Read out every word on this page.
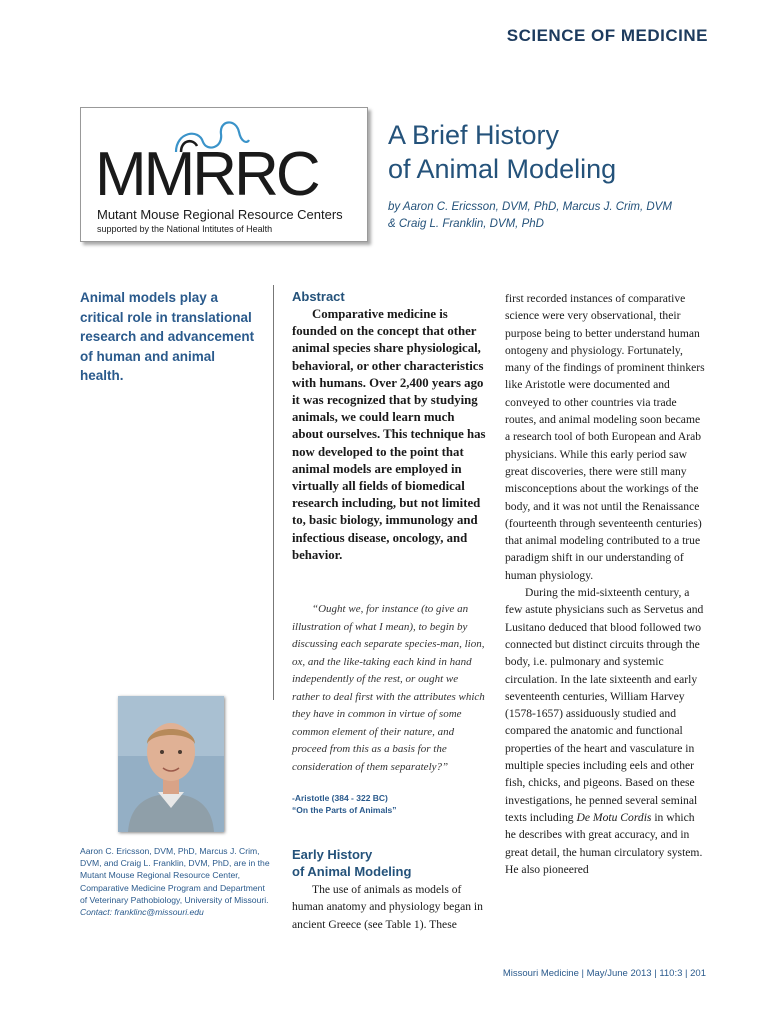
SCIENCE OF MEDICINE
MMRRC
Mutant Mouse Regional Resource Centers
supported by the National Intitutes of Health
A Brief History
of Animal Modeling
by Aaron C. Ericsson, DVM, PhD, Marcus J. Crim, DVM
& Craig L. Franklin, DVM, PhD
Animal models play a critical role in translational research and advancement of human and animal health.
Abstract

Comparative medicine is founded on the concept that other animal species share physiological, behavioral, or other characteristics with humans. Over 2,400 years ago it was recognized that by studying animals, we could learn much about ourselves. This technique has now developed to the point that animal models are employed in virtually all fields of biomedical research including, but not limited to, basic biology, immunology and infectious disease, oncology, and behavior.

“Ought we, for instance (to give an illustration of what I mean), to begin by discussing each separate species-man, lion, ox, and the like-taking each kind in hand independently of the rest, or ought we rather to deal first with the attributes which they have in common in virtue of some common element of their nature, and proceed from this as a basis for the consideration of them separately?”

-Aristotle (384 - 322 BC)
“On the Parts of Animals”

Aaron C. Ericsson, DVM, PhD, Marcus J. Crim, DVM, and Craig L. Franklin, DVM, PhD, are in the Mutant Mouse Regional Resource Center, Comparative Medicine Program and Department of Veterinary Pathobiology, University of Missouri.

Contact: franklinc@missouri.edu

Early History
of Animal Modeling

The use of animals as models of human anatomy and physiology began in ancient Greece (see Table 1). These

first recorded instances of comparative science were very observational, their purpose being to better understand human ontogeny and physiology. Fortunately, many of the findings of prominent thinkers like Aristotle were documented and conveyed to other countries via trade routes, and animal modeling soon became a research tool of both European and Arab physicians. While this early period saw great discoveries, there were still many misconceptions about the workings of the body, and it was not until the Renaissance (fourteenth through seventeenth centuries) that animal modeling contributed to a true paradigm shift in our understanding of human physiology.

During the mid-sixteenth century, a few astute physicians such as Servetus and Lusitano deduced that blood followed two connected but distinct circuits through the body, i.e. pulmonary and systemic circulation. In the late sixteenth and early seventeenth centuries, William Harvey (1578-1657) assiduously studied and compared the anatomic and functional properties of the heart and vasculature in multiple species including eels and other fish, chicks, and pigeons. Based on these investigations, he penned several seminal texts including De Motu Cordis in which he describes with great accuracy, and in great detail, the human circulatory system. He also pioneered

Missouri Medicine | May/June 2013 | 110:3 | 201
